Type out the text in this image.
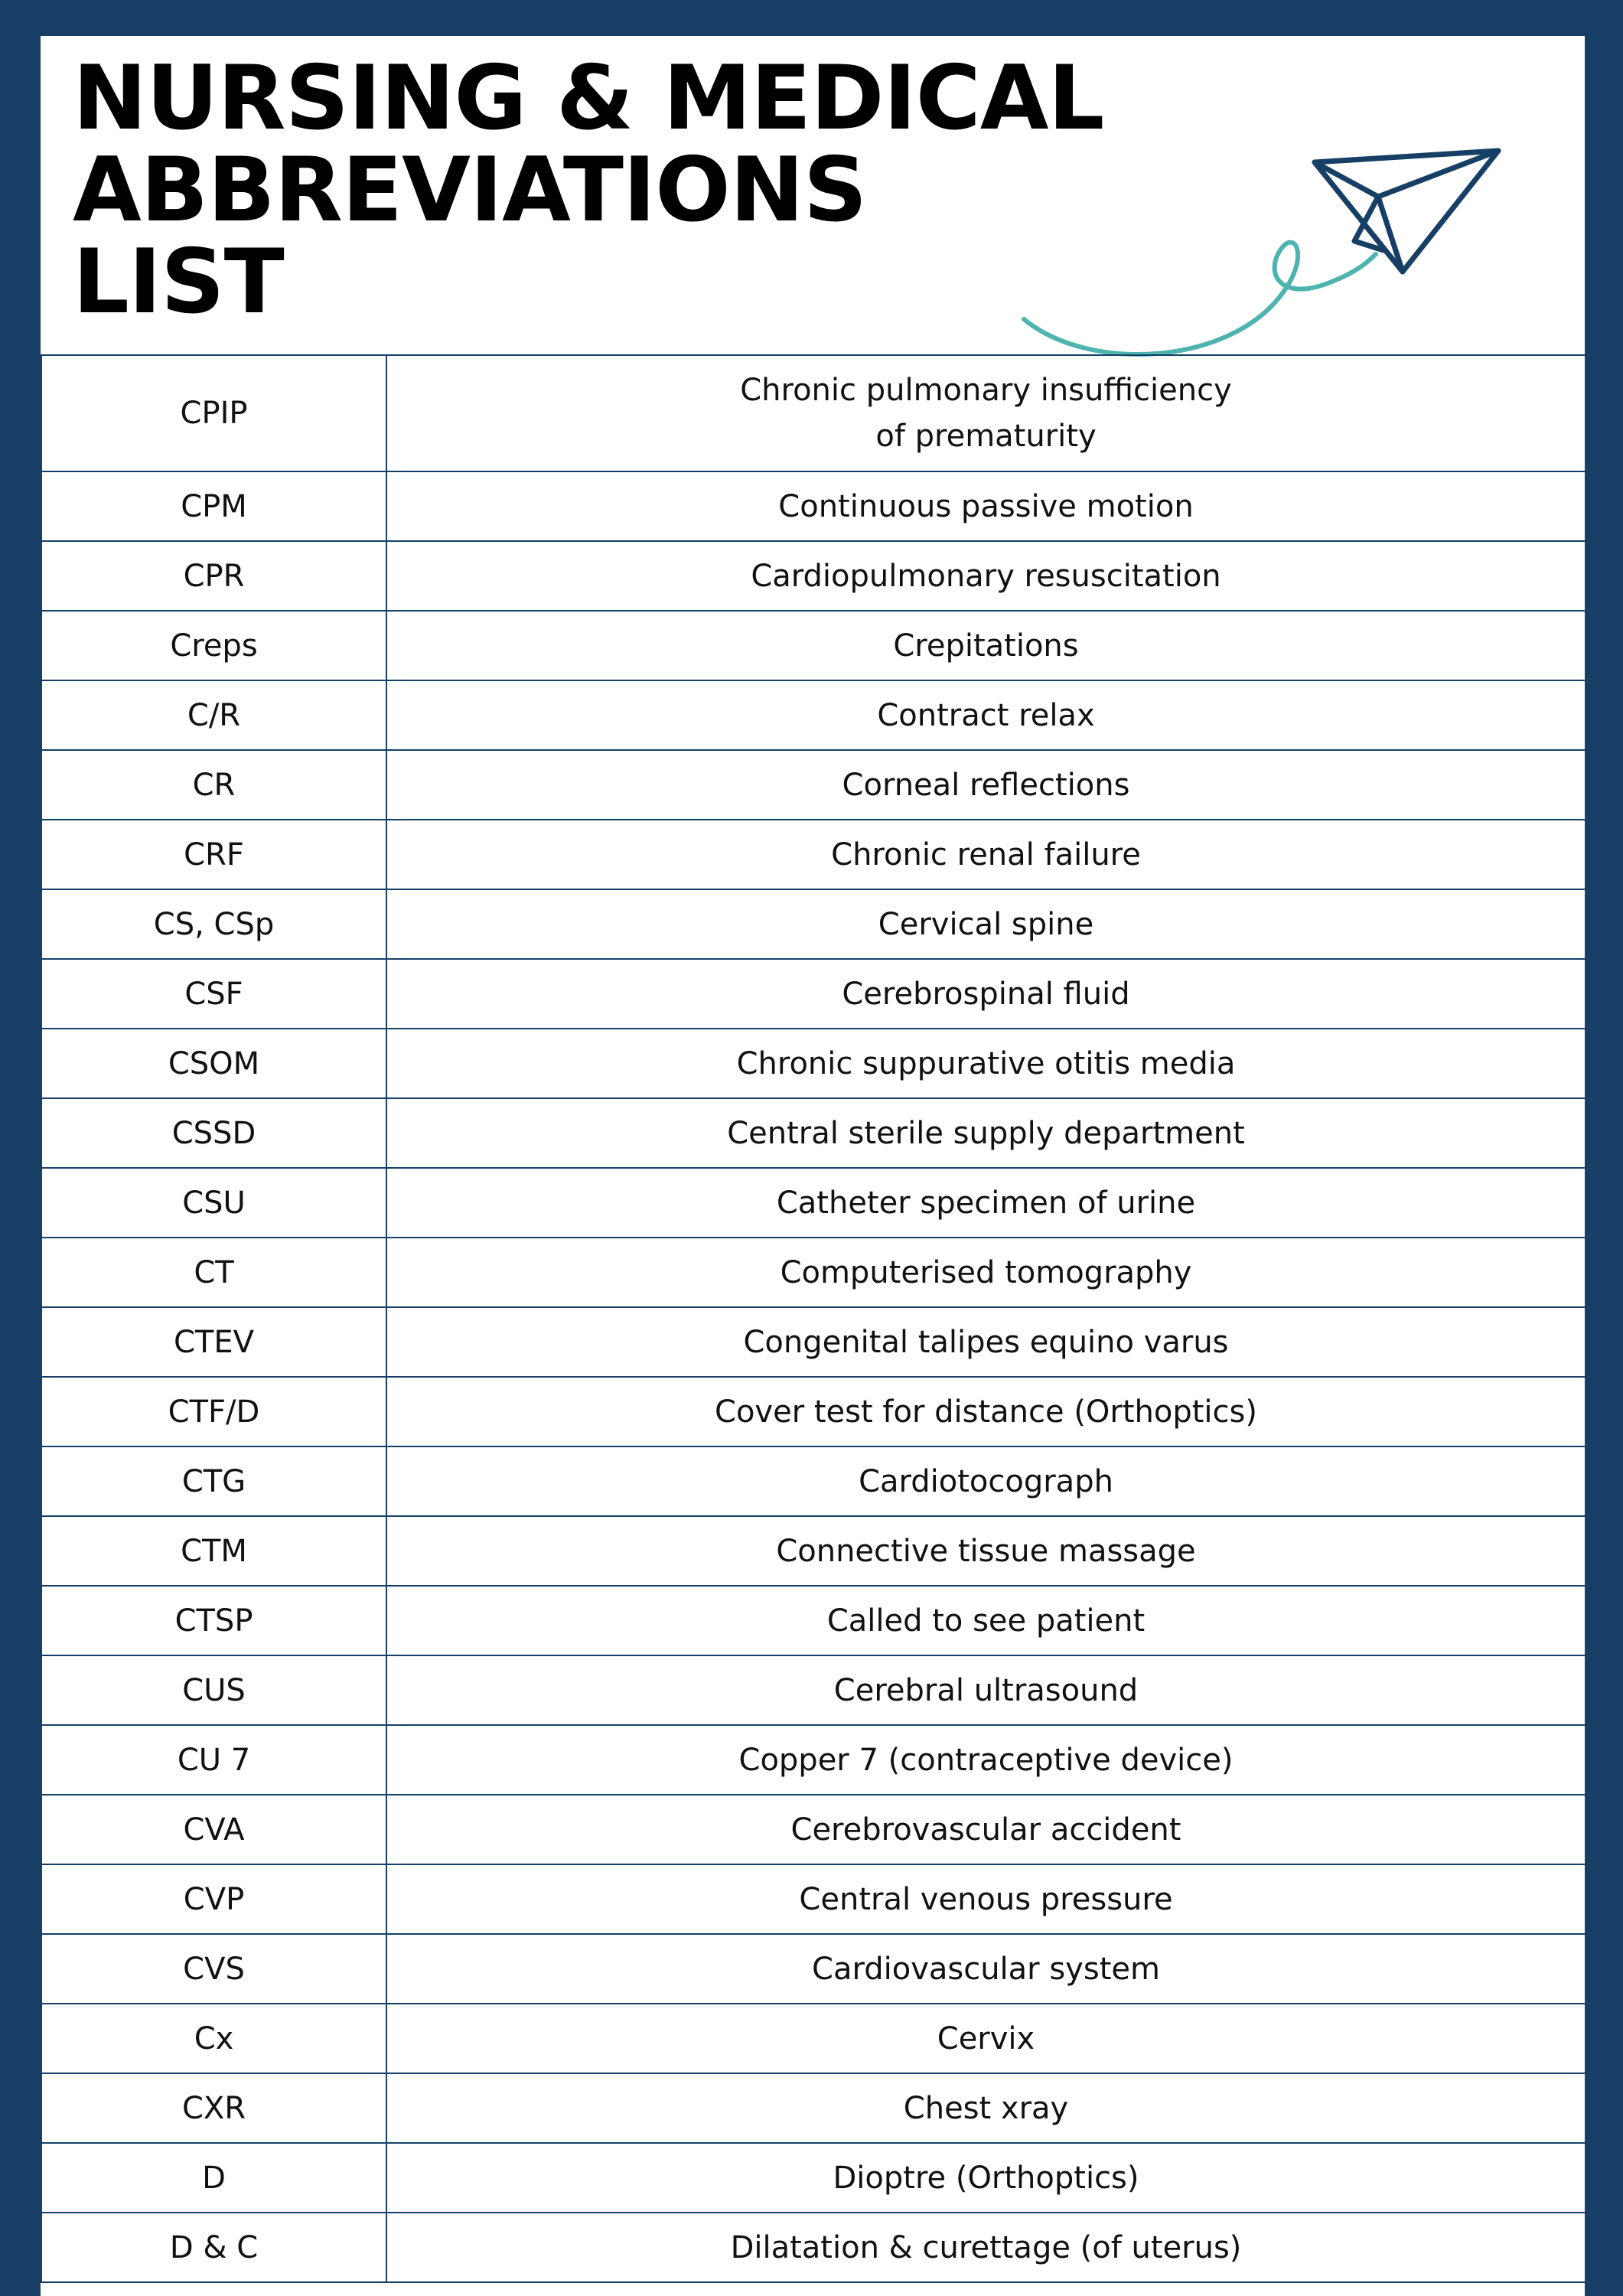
NURSING & MEDICAL
ABBREVIATIONS
LIST
CPIP	Chronic pulmonary insufficiency
of prematurity

CPM	Continuous passive motion

CPR	Cardiopulmonary resuscitation

Creps	Crepitations

C/R	Contract relax

CR	Corneal reflections

CRF	Chronic renal failure

CS, CSp	Cervical spine

CSF	Cerebrospinal fluid

CSOM	Chronic suppurative otitis media

CSSD	Central sterile supply department

CSU	Catheter specimen of urine

CT	Computerised tomography

CTEV	Congenital talipes equino varus

CTF/D	Cover test for distance (Orthoptics)

CTG	Cardiotocograph

CTM	Connective tissue massage

CTSP	Called to see patient

CUS	Cerebral ultrasound

CU 7	Copper 7 (contraceptive device)

CVA	Cerebrovascular accident

CVP	Central venous pressure

CVS	Cardiovascular system

Cx	Cervix

CXR	Chest xray

D	Dioptre (Orthoptics)

D & C	Dilatation & curettage (of uterus)
